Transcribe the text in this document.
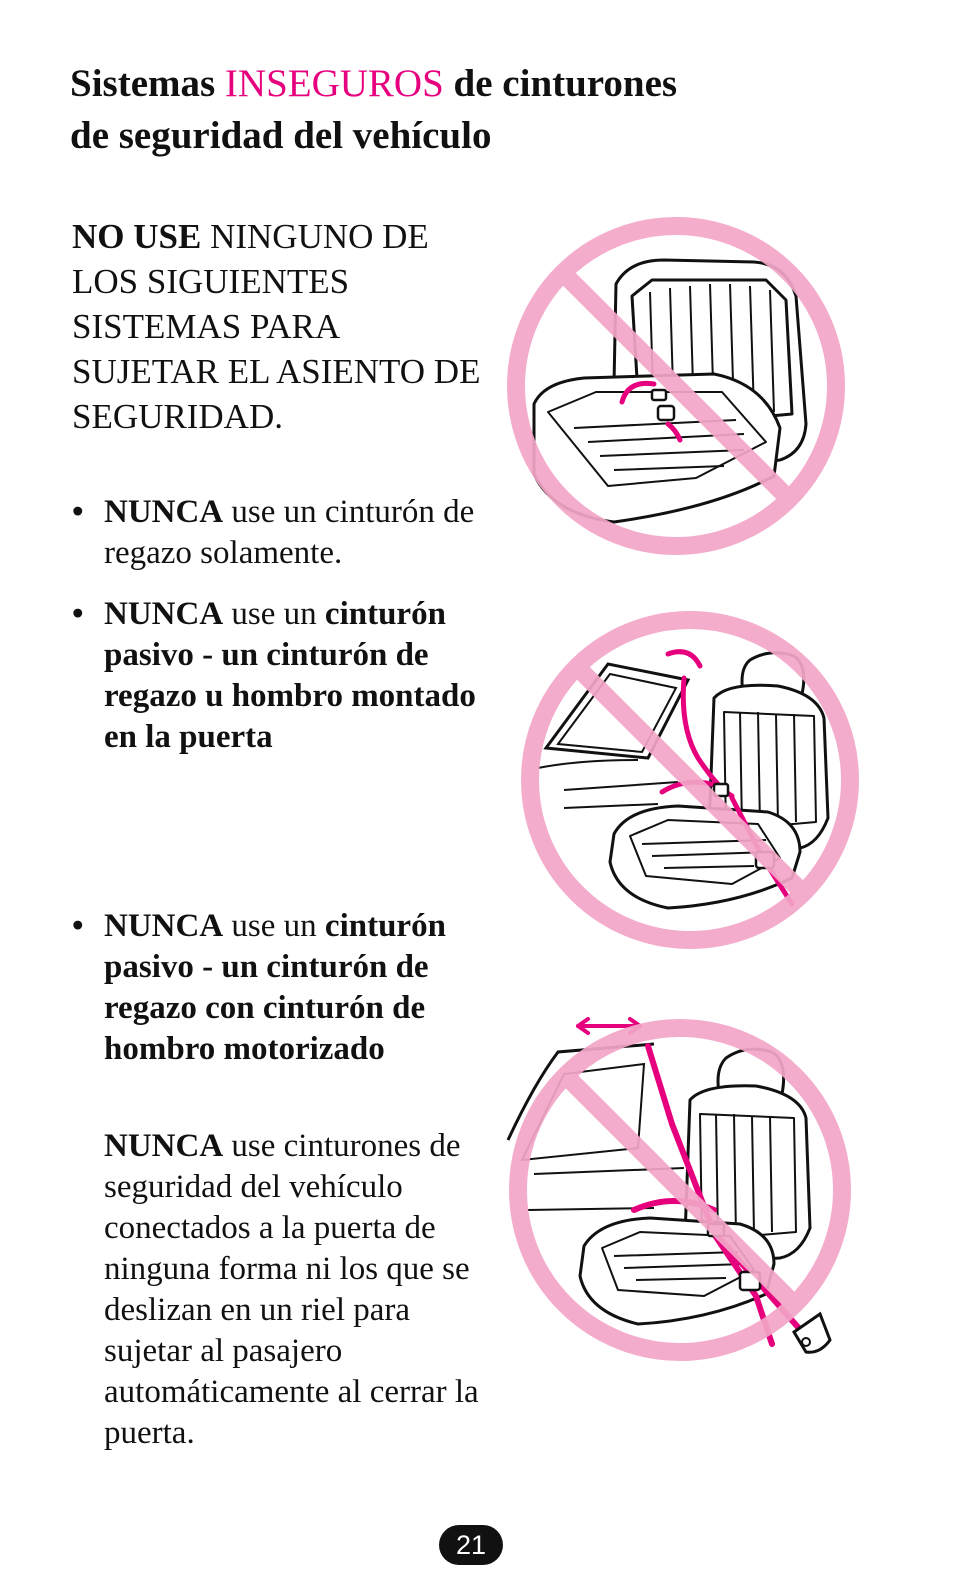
Sistemas INSEGUROS de cinturones
de seguridad del vehículo

NO USE NINGUNO DE LOS SIGUIENTES SISTEMAS PARA SUJETAR EL ASIENTO DE SEGURIDAD.

• NUNCA use un cinturón de regazo solamente.
• NUNCA use un cinturón pasivo - un cinturón de regazo u hombro montado en la puerta
• NUNCA use un cinturón pasivo - un cinturón de regazo con cinturón de hombro motorizado

NUNCA use cinturones de seguridad del vehículo conectados a la puerta de ninguna forma ni los que se deslizan en un riel para sujetar al pasajero automáticamente al cerrar la puerta.

21
